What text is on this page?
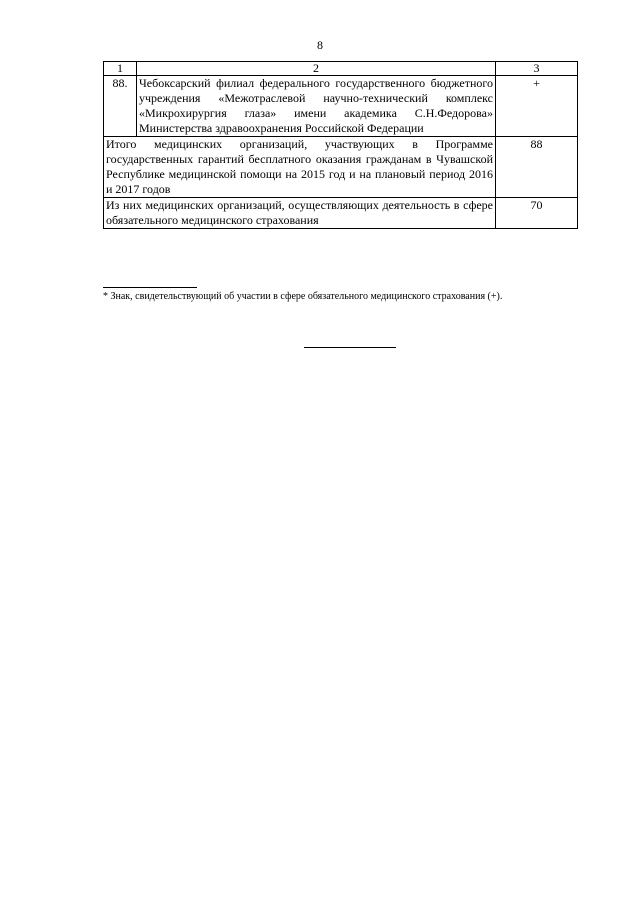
8
1	2	3
88.	Чебоксарский филиал федерального государственного бюджетного учреждения «Межотраслевой научно-технический комплекс «Микрохирургия глаза» имени академика С.Н.Федорова» Министерства здравоохранения Российской Федерации	+
Итого медицинских организаций, участвующих в Программе государственных гарантий бесплатного оказания гражданам в Чувашской Республике медицинской помощи на 2015 год и на плановый период 2016 и 2017 годов		88
Из них медицинских организаций, осуществляющих деятельность в сфере обязательного медицинского страхования		70
* Знак, свидетельствующий об участии в сфере обязательного медицинского страхования (+).
